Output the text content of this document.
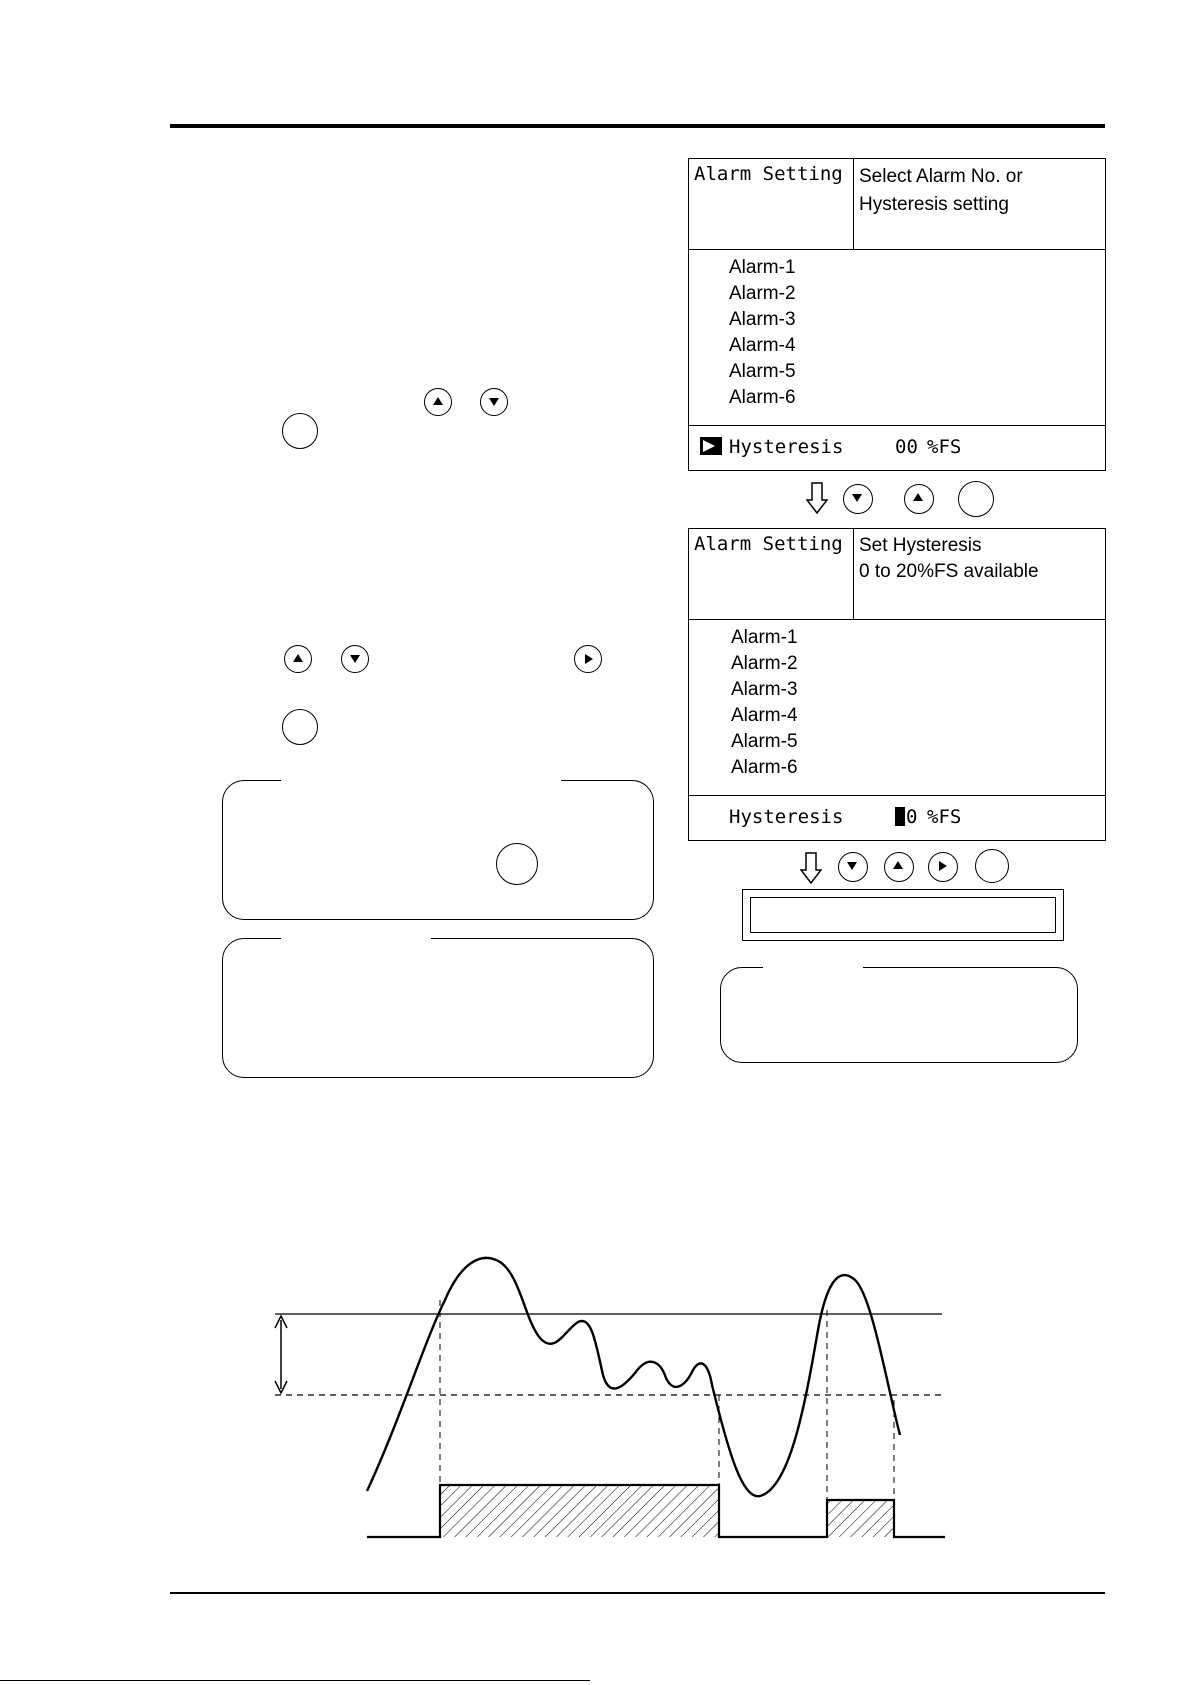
Alarm Setting Select Alarm No. or
Hysteresis setting
Alarm-1
Alarm-2
Alarm-3
Alarm-4
Alarm-5
Alarm-6
Hysteresis	00 %FS
Alarm Setting Set Hysteresis
0 to 20%FS available
Alarm-1
Alarm-2
Alarm-3
Alarm-4
Alarm-5
Alarm-6
Hysteresis	0 %FS
